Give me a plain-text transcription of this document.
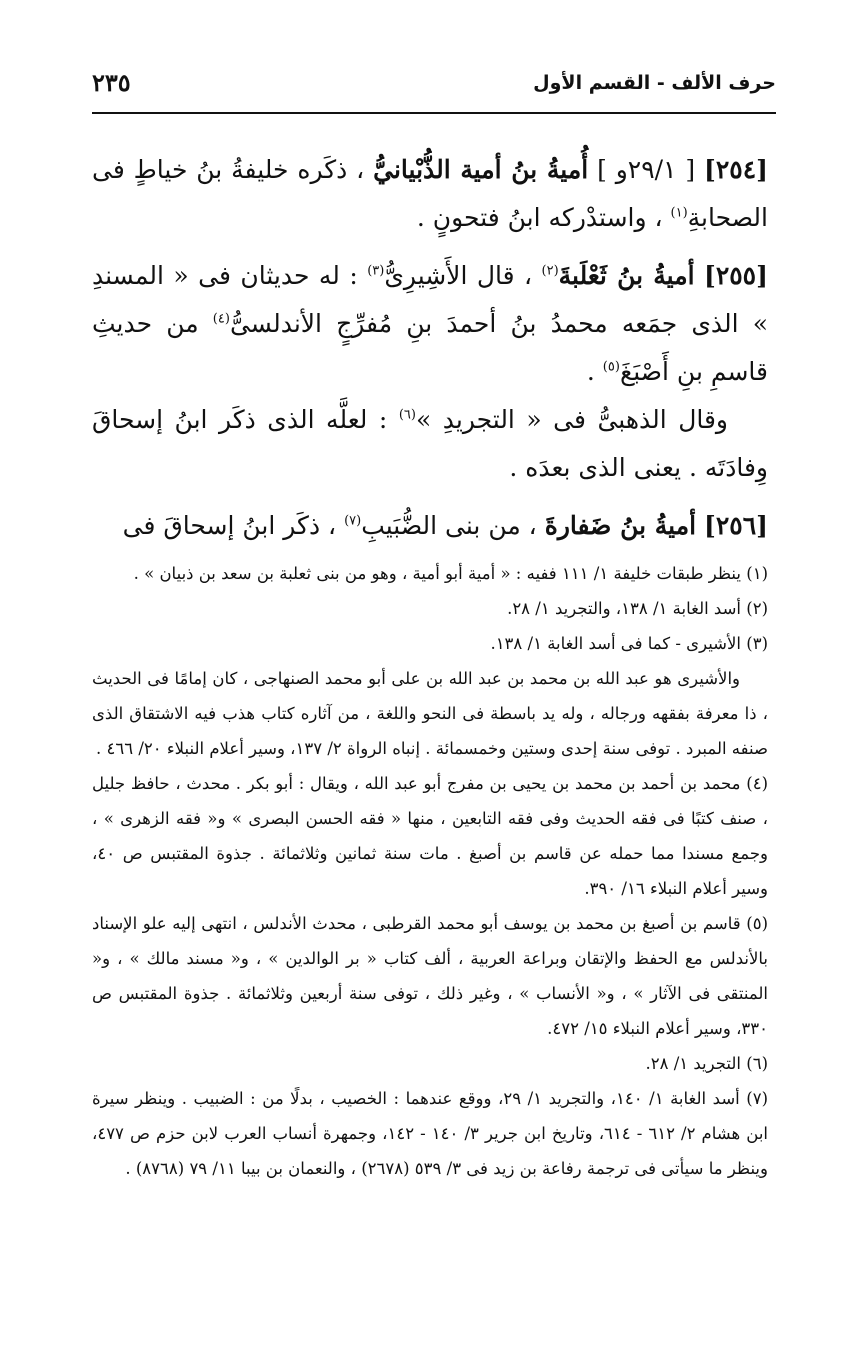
حرف الألف - القسم الأول
٢٣٥

[٢٥٤] [ ٢٩/١و ] أُميةُ بنُ أمية الذُّبْيانيُّ ، ذكَره خليفةُ بنُ خياطٍ فى الصحابةِ$^{(١)}$ ، واستدْركه ابنُ فتحونٍ .

[٢٥٥] أميةُ بنُ ثَعْلَبةَ$^{(٢)}$ ، قال الأَشِيرِىُّ$^{(٣)}$ : له حديثان فى « المسندِ » الذى جمَعه محمدُ بنُ أحمدَ بنِ مُفرِّجٍ الأندلسىُّ$^{(٤)}$ من حديثِ قاسمِ بنِ أَصْبَغَ$^{(٥)}$ .

وقال الذهبىُّ فى « التجريدِ »$^{(٦)}$ : لعلَّه الذى ذكَر ابنُ إسحاقَ وِفادَتَه . يعنى الذى بعدَه .

[٢٥٦] أميةُ بنُ ضَفارةَ ، من بنى الضُّبَيبِ$^{(٧)}$ ، ذكَر ابنُ إسحاقَ فى

(١) ينظر طبقات خليفة ١/ ١١١ ففيه : « أمية أبو أمية ، وهو من بنى ثعلبة بن سعد بن ذبيان » .

(٢) أسد الغابة ١/ ١٣٨، والتجريد ١/ ٢٨.

(٣) الأشيرى - كما فى أسد الغابة ١/ ١٣٨.

والأشيرى هو عبد الله بن محمد بن عبد الله بن على أبو محمد الصنهاجى ، كان إمامًا فى الحديث ، ذا معرفة بفقهه ورجاله ، وله يد باسطة فى النحو واللغة ، من آثاره كتاب هذب فيه الاشتقاق الذى صنفه المبرد . توفى سنة إحدى وستين وخمسمائة . إنباه الرواة ٢/ ١٣٧، وسير أعلام النبلاء ٢٠/ ٤٦٦ .

(٤) محمد بن أحمد بن محمد بن يحيى بن مفرج أبو عبد الله ، ويقال : أبو بكر . محدث ، حافظ جليل ، صنف كتبًا فى فقه الحديث وفى فقه التابعين ، منها « فقه الحسن البصرى » و« فقه الزهرى » ، وجمع مسندا مما حمله عن قاسم بن أصبغ . مات سنة ثمانين وثلاثمائة . جذوة المقتبس ص ٤٠، وسير أعلام النبلاء ١٦/ ٣٩٠.

(٥) قاسم بن أصبغ بن محمد بن يوسف أبو محمد القرطبى ، محدث الأندلس ، انتهى إليه علو الإسناد بالأندلس مع الحفظ والإتقان وبراعة العربية ، ألف كتاب « بر الوالدين » ، و« مسند مالك » ، و« المنتقى فى الآثار » ، و« الأنساب » ، وغير ذلك ، توفى سنة أربعين وثلاثمائة . جذوة المقتبس ص ٣٣٠، وسير أعلام النبلاء ١٥/ ٤٧٢.

(٦) التجريد ١/ ٢٨.

(٧) أسد الغابة ١/ ١٤٠، والتجريد ١/ ٢٩، ووقع عندهما : الخصيب ، بدلًا من : الضبيب . وينظر سيرة ابن هشام ٢/ ٦١٢ - ٦١٤، وتاريخ ابن جرير ٣/ ١٤٠ - ١٤٢، وجمهرة أنساب العرب لابن حزم ص ٤٧٧، وينظر ما سيأتى فى ترجمة رفاعة بن زيد فى ٣/ ٥٣٩ (٢٦٧٨) ، والنعمان بن بيبا ١١/ ٧٩ (٨٧٦٨) .
